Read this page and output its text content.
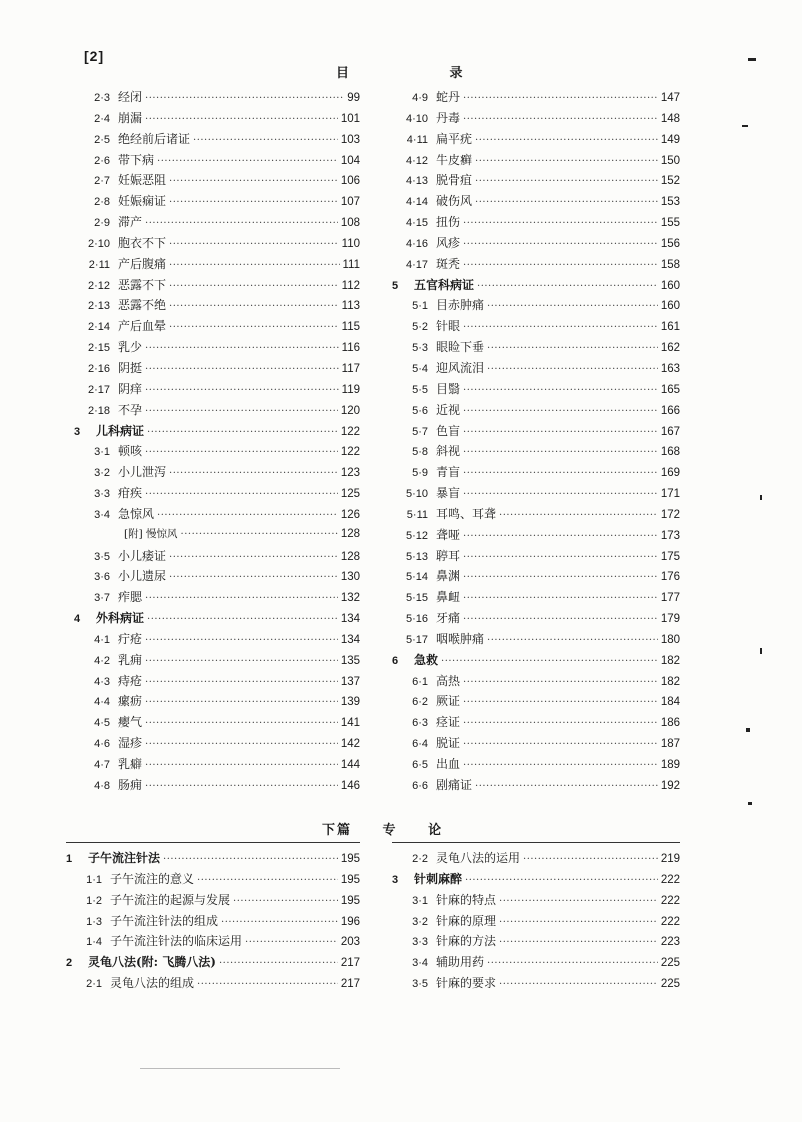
[2]
目 录
2·3 经闭 ·····	99
2·4 崩漏 ·····	101
2·5 绝经前后诸证 ·····	103
2·6 带下病 ·····	104
2·7 妊娠恶阻 ·····	106
2·8 妊娠痫证 ·····	107
2·9 滞产 ·····	108
2·10 胞衣不下 ·····	110
2·11 产后腹痛 ·····	111
2·12 恶露不下 ·····	112
2·13 恶露不绝 ·····	113
2·14 产后血晕 ·····	115
2·15 乳少 ·····	116
2·16 阴挺 ·····	117
2·17 阴痒 ·····	119
2·18 不孕 ·····	120
3	儿科病证 ·····	122
3·1 顿咳 ·····	122
3·2 小儿泄泻 ·····	123
3·3 疳疾 ·····	125
3·4 急惊风 ·····	126
[附] 慢惊风 ·····	128
3·5 小儿痿证 ·····	128
3·6 小儿遗尿 ·····	130
3·7 痄腮 ·····	132
4	外科病证 ·····	134
4·1 疔疮 ·····	134
4·2 乳痈 ·····	135
4·3 痔疮 ·····	137
4·4 瘰疬 ·····	139
4·5 瘿气 ·····	141
4·6 湿疹 ·····	142
4·7 乳癖 ·····	144
4·8 肠痈 ·····	146
4·9 蛇丹 ·····	147
4·10 丹毒 ·····	148
4·11 扁平疣 ·····	149
4·12 牛皮癣 ·····	150
4·13 脱骨疽 ·····	152
4·14 破伤风 ·····	153
4·15 扭伤 ·····	155
4·16 风疹 ·····	156
4·17 斑秃 ·····	158
5	五官科病证 ·····	160
5·1 目赤肿痛 ·····	160
5·2 针眼 ·····	161
5·3 眼睑下垂 ·····	162
5·4 迎风流泪 ·····	163
5·5 目翳 ·····	165
5·6 近视 ·····	166
5·7 色盲 ·····	167
5·8 斜视 ·····	168
5·9 青盲 ·····	169
5·10 暴盲 ·····	171
5·11 耳鸣、耳聋 ·····	172
5·12 聋哑 ·····	173
5·13 聤耳 ·····	175
5·14 鼻渊 ·····	176
5·15 鼻衄 ·····	177
5·16 牙痛 ·····	179
5·17 咽喉肿痛 ·····	180
6	急救 ·····	182
6·1 高热 ·····	182
6·2 厥证 ·····	184
6·3 痉证 ·····	186
6·4 脱证 ·····	187
6·5 出血 ·····	189
6·6 剧痛证 ·····	192
下篇 专 论
1	子午流注针法 ·····	195
1·1 子午流注的意义 ·····	195
1·2 子午流注的起源与发展 ·····	195
1·3 子午流注针法的组成 ·····	196
1·4 子午流注针法的临床运用 ·····	203
2	灵龟八法(附: 飞腾八法) ·····	217
2·1 灵龟八法的组成 ·····	217
2·2 灵龟八法的运用 ·····	219
3	针刺麻醉 ·····	222
3·1 针麻的特点 ·····	222
3·2 针麻的原理 ·····	222
3·3 针麻的方法 ·····	223
3·4 辅助用药 ·····	225
3·5 针麻的要求 ·····	225
